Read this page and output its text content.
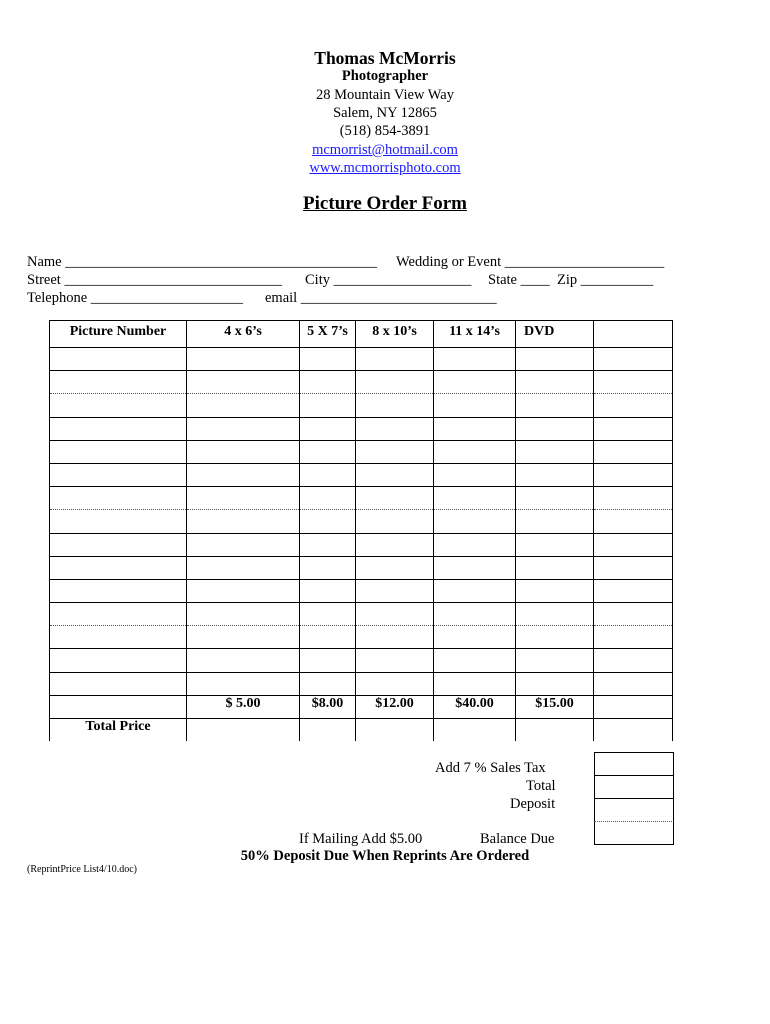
Thomas McMorris
Photographer
28 Mountain View Way
Salem, NY 12865
(518) 854-3891
mcmorrist@hotmail.com
www.mcmorrisphoto.com
Picture Order Form
Name ___________________________________________ Wedding or Event ______________________
Street ______________________________ City ___________________ State ____ Zip __________
Telephone _____________________ email ___________________________
Picture Number	4 x 6’s	5 X 7’s	8 x 10’s	11 x 14’s	DVD	

	$ 5.00	$8.00	$12.00	$40.00	$15.00	
Total Price						
Add 7 % Sales Tax
Total
Deposit
If Mailing Add $5.00	Balance Due
50% Deposit Due When Reprints Are Ordered
(ReprintPrice List4/10.doc)
